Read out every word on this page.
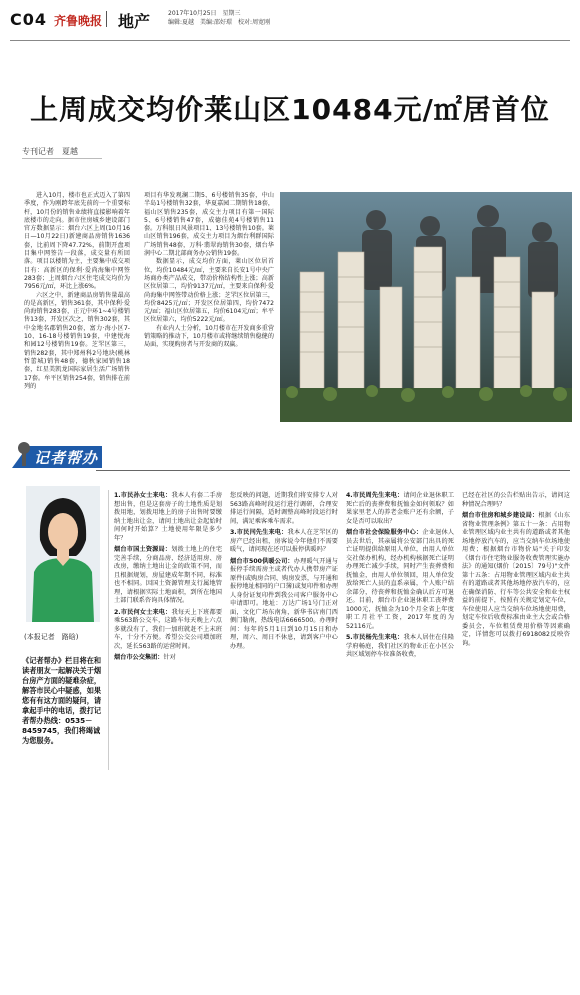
C04 齐鲁晚报 地产	2017年10月25日　星期三
编辑:夏越　美编:邵好璟　校对:周宽刚
上周成交均价莱山区10484元/㎡居首位
专刊记者　夏越

进入10月，楼市也正式迈入了第四季度，作为刚跨年底先前的一个重要标杆，10月份的销售业绩将直接影响着年底楼市的走向。据市住房城乡建设部门官方数据显示：烟台六区上周(10月16日—10月22日)新建商品房销售1636套，比前周下降47.72%，前期开盘项目集中网签告一段落，成交量有所回落。项目以楼销为主，主要集中成交项目有：高新区的保利·爱尚海集中网签283套；上周烟台六区住宅成交均价为7956元/㎡，环比上涨6%。

六区之中，新建商品房销售量最高的是高新区，销售361套，其中保利·爱尚海销售283套，正元中环1~4号楼销售13套，开发区次之，销售302套，其中金地名郡销售20套，富力·海小区7-10、16-18号楼销售19套，中建悦海和园12号楼销售19套。芝罘区第三，销售282套，其中郑州科2号地块(桃林哲蕾城)销售48套，德秋家园销售18套，红星美凯龙国际家居生活广场销售17套。牟平区销售254套，销售排在前列的

项目有华发观澜二期5、6号楼销售35套，中山半岛1号楼销售32套，华夏嘉园二期销售18套，福山区销售235套，成交主力项目有第一国际5、6号楼销售47套，成德佳苑4号楼销售11套。万科银日风景项目1、13号楼销售10套。莱山区销售196套，成交主力项目为烟台利群国际广场销售48套，万科·翡翠海销售30套，烟台华润中心二期北部商务办公销售19套。

数据显示，成交均价方面，莱山区位居首位，均价10484元/㎡，主要来自长安1号中央广场商办类产品成交，带动价格结构性上涨；高新区位居第二，均价9137元/㎡，主要来自保利·爱尚海集中网签带动价格上涨；芝罘区位居第三，均价8425元/㎡；开发区位居第四，均价7472元/㎡；福山区位居第五，均价6104元/㎡；牟平区位居第六，均价5222元/㎡。

有业内人士分析，10月楼市在开发商多重营销策略的推动下，10月楼市或将继续销售稳健的局面，实现购房者与开发商的双赢。

记者帮办
(本报记者　路晗)
《记者帮办》栏目将在和读者朋友一起解决关于烟台房产方面的疑难杂症，解答市民心中疑惑，如果您有有这方面的疑问，请拿起手中的电话，拨打记者帮办热线：0535－8459745，我们将竭诚为您服务。

1.市民孙女士来电：我本人有套二手房想出售，但是这套房子的土地性质是划拨用地，划拨用地上的房子出售时要缴纳土地出让金，请问土地出让金起始时间何时开始算？土地使用年限是多少年？

烟台市国土资源局：划拨土地上的住宅完善手续，分商品房、经济适用房、房改房，缴纳土地出让金的政策不同，而且根据规划，房屋建成年期不同，标准也不相同。因国土资源管理支行属地管理，请根据实际土地面积，到所在地国土部门联系咨询具体情况。

2.市民何女士来电：我每天上下班都要乘563路公交车，这路车每天晚上六点多就没有了，我们一加班就赶不上末班车，十分不方便。希望公交公司增加班次，延长563路的运营时间。

烟台市公交集团：针对

您反映的问题，近期我们将安排专人对563路高峰时段运行进行调研，合理安排运行间隔，适时调整高峰时段运行时间，满足乘客乘车需求。

3.市民闫先生来电：我本人在芝罘区的房产已经出租，房客说今年他们不需要暖气，请问现在还可以报停供暖吗？

烟台市500供暖公司：办理暖气开通与报停手续需房主或者代办人携带房产证原件(或购房合同、购房发票，与开通和报停地址相同的户口簿)或复印件和办理人身份证复印件到我公司客户服务中心申请即可。地址：万达广场1号门正对面，文化广场东南角，新华书店南门西侧门勒南，热线电话6666500。办理时间：每年的5月1日到10月15日和办理，周六、周日不休息，请到客户中心办理。

4.市民周先生来电：请问企业退休职工死亡后的丧葬费和抚恤金如何领取？如果家里老人的养老金账户还有余额，子女是否可以取出？

烟台市社会保险服务中心：企业退休人员去世后，其亲属将公安部门出具的死亡证明提供给原用人单位，由用人单位交社保办机构，经办机构核据死亡证明办理死亡减少手续，同时产生丧葬费和抚恤金，由用人单位领回，用人单位发放给死亡人员的直系亲属，个人账户结余部分，待丧葬和抚恤金确认后方可退还。目前，烟台市企业退休职工丧葬费1000元，抚恤金为10个月全省上年度职工月社平工资，2017年度的为52116元。

5.市民杨先生来电：我本人居住在佳隆学府畅庭，我们社区的物业正在小区公共区域划停车位准备收费，

已经在社区的公告栏贴出告示，请问这种情况合理吗？

烟台市住房和城乡建设局：根据《山东省物业管理条例》第五十一条：占用物业管理区域内业主共有的道路或者其他场地停放汽车的，应当交纳车位场地使用费；根据烟台市物价局"关于印发《烟台市住宅物业服务收费管理实施办法》的通知(烟价〔2015〕79号)"文件第十五条：占用物业管理区域内业主共有的道路或者其他场地停放汽车的，应在确保消防、行车等公共安全和业主权益的前提下，按照有关规定划定车位，车位使用人应当交纳车位场地使用费，划定车位后收费标准由业主大会或合格委员会，车位租赁费用价格等因素确定，详情您可以拨打6918082反映咨询。
